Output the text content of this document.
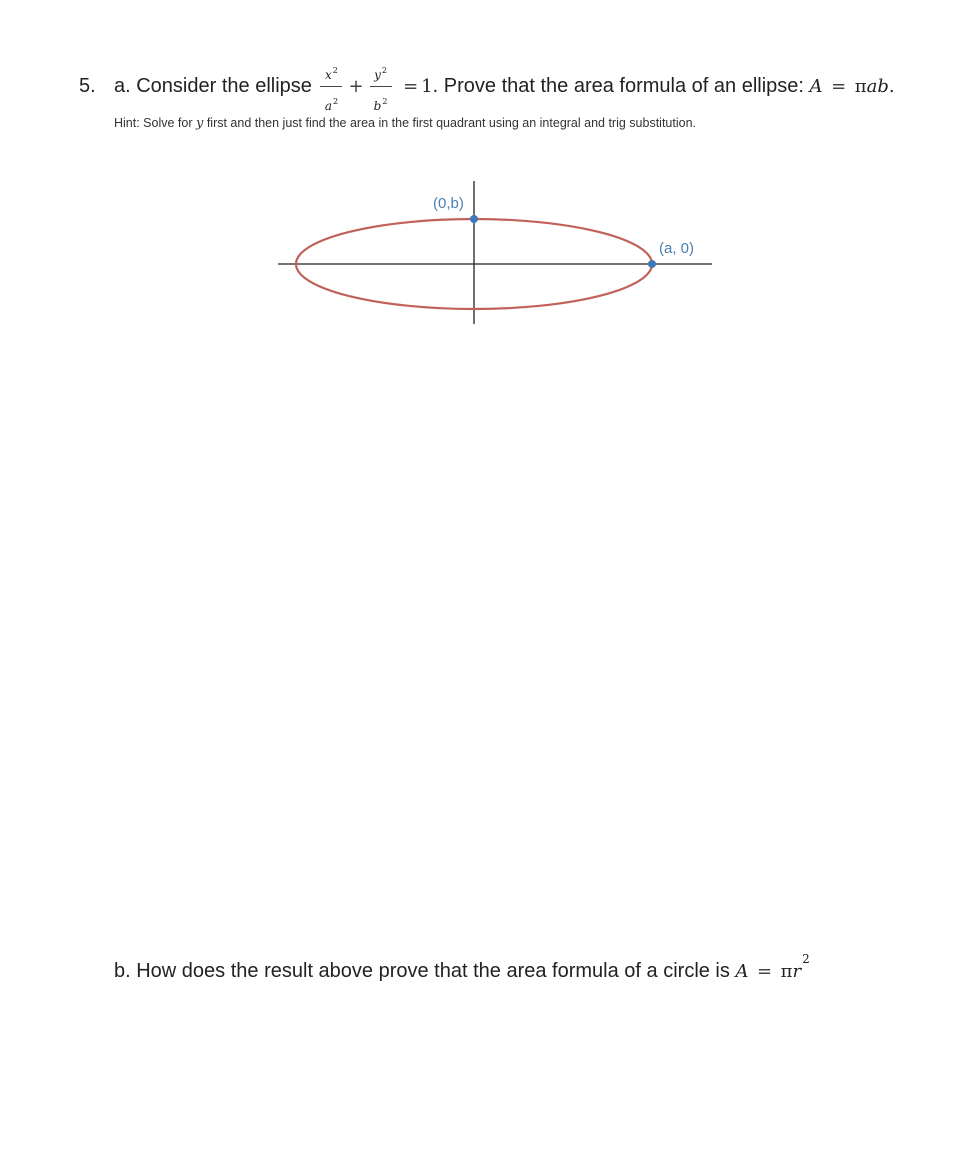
5. a. Consider the ellipse $\frac{x^2}{a^2} + \frac{y^2}{b^2} = 1$. Prove that the area formula of an ellipse: A = πab.
Hint: Solve for y first and then just find the area in the first quadrant using an integral and trig substitution.
(0,b)
(a, 0)
b. How does the result above prove that the area formula of a circle is $A = \pi r^2$
